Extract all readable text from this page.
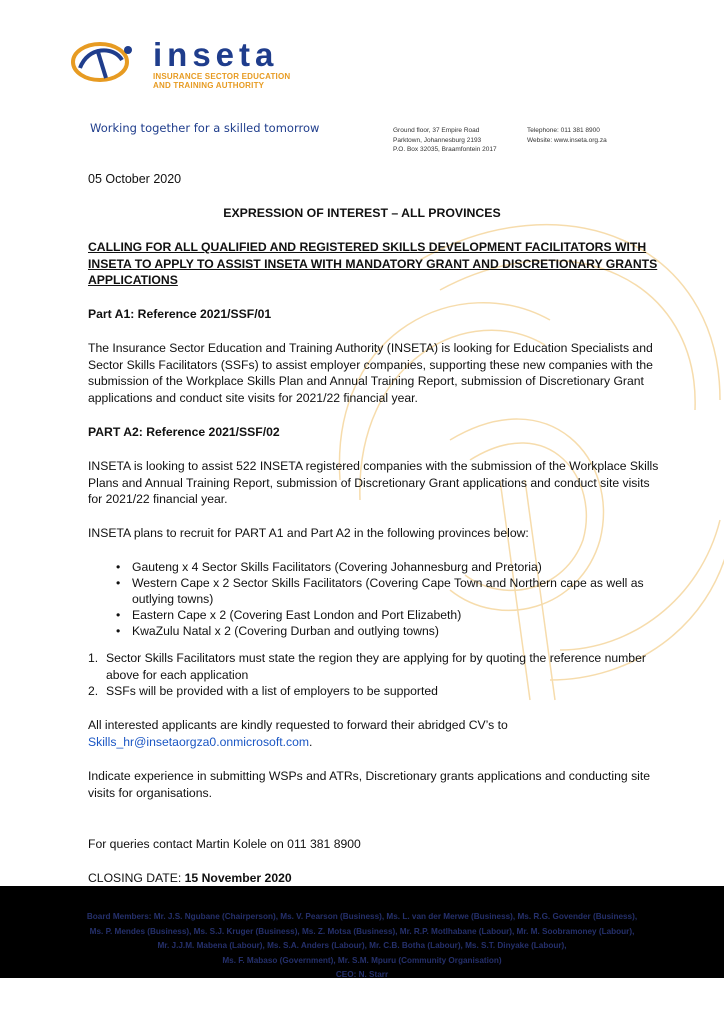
inseta
INSURANCE SECTOR EDUCATION
AND TRAINING AUTHORITY
Working together for a skilled tomorrow	Ground floor, 37 Empire Road
Parktown, Johannesburg 2193
P.O. Box 32035, Braamfontein 2017
Telephone: 011 381 8900
Website: www.inseta.org.za
05 October 2020
EXPRESSION OF INTEREST – ALL PROVINCES
CALLING FOR ALL QUALIFIED AND REGISTERED SKILLS DEVELOPMENT FACILITATORS WITH INSETA TO APPLY TO ASSIST INSETA WITH MANDATORY GRANT AND DISCRETIONARY GRANTS APPLICATIONS
Part A1: Reference 2021/SSF/01
The Insurance Sector Education and Training Authority (INSETA) is looking for Education Specialists and Sector Skills Facilitators (SSFs) to assist employer companies, supporting these new companies with the submission of the Workplace Skills Plan and Annual Training Report, submission of Discretionary Grant applications and conduct site visits for 2021/22 financial year.
PART A2: Reference 2021/SSF/02
INSETA is looking to assist 522 INSETA registered companies with the submission of the Workplace Skills Plans and Annual Training Report, submission of Discretionary Grant applications and conduct site visits for 2021/22 financial year.
INSETA plans to recruit for PART A1 and Part A2 in the following provinces below:
• Gauteng x 4 Sector Skills Facilitators (Covering Johannesburg and Pretoria)
• Western Cape x 2 Sector Skills Facilitators (Covering Cape Town and Northern cape as well as outlying towns)
• Eastern Cape x 2 (Covering East London and Port Elizabeth)
• KwaZulu Natal x 2 (Covering Durban and outlying towns)
1. Sector Skills Facilitators must state the region they are applying for by quoting the reference number above for each application
2. SSFs will be provided with a list of employers to be supported
All interested applicants are kindly requested to forward their abridged CV’s to
Skills_hr@insetaorgza0.onmicrosoft.com.
Indicate experience in submitting WSPs and ATRs, Discretionary grants applications and conducting site visits for organisations.
For queries contact Martin Kolele on 011 381 8900
CLOSING DATE: 15 November 2020
Board Members: Mr. J.S. Ngubane (Chairperson), Ms. V. Pearson (Business), Ms. L. van der Merwe (Business), Ms. R.G. Govender (Business),
Ms. P. Mendes (Business), Ms. S.J. Kruger (Business), Ms. Z. Motsa (Business), Mr. R.P. Motlhabane (Labour), Mr. M. Soobramoney (Labour),
Mr. J.J.M. Mabena (Labour), Ms. S.A. Anders (Labour), Mr. C.B. Botha (Labour), Ms. S.T. Dinyake (Labour),
Ms. F. Mabaso (Government), Mr. S.M. Mpuru (Community Organisation)
CEO: N. Starr
